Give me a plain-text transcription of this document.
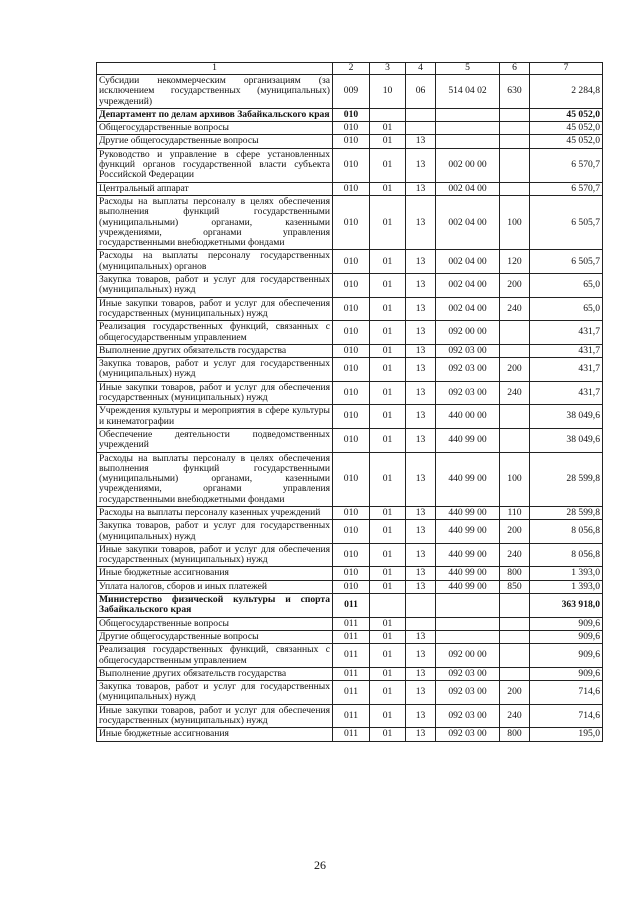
1	2	3	4	5	6	7
Субсидии некоммерческим организациям (за исключением государственных (муниципальных) учреждений)	009	10	06	514 04 02	630	2 284,8
Департамент по делам архивов Забайкальского края	010					45 052,0
Общегосударственные вопросы	010	01				45 052,0
Другие общегосударственные вопросы	010	01	13			45 052,0
Руководство и управление в сфере установленных функций органов государственной власти субъекта Российской Федерации	010	01	13	002 00 00		6 570,7
Центральный аппарат	010	01	13	002 04 00		6 570,7
Расходы на выплаты персоналу в целях обеспечения выполнения функций государственными (муниципальными) органами, казенными учреждениями, органами управления государственными внебюджетными фондами	010	01	13	002 04 00	100	6 505,7
Расходы на выплаты персоналу государственных (муниципальных) органов	010	01	13	002 04 00	120	6 505,7
Закупка товаров, работ и услуг для государственных (муниципальных) нужд	010	01	13	002 04 00	200	65,0
Иные закупки товаров, работ и услуг для обеспечения государственных (муниципальных) нужд	010	01	13	002 04 00	240	65,0
Реализация государственных функций, связанных с общегосударственным управлением	010	01	13	092 00 00		431,7
Выполнение других обязательств государства	010	01	13	092 03 00		431,7
Закупка товаров, работ и услуг для государственных (муниципальных) нужд	010	01	13	092 03 00	200	431,7
Иные закупки товаров, работ и услуг для обеспечения государственных (муниципальных) нужд	010	01	13	092 03 00	240	431,7
Учреждения культуры и мероприятия в сфере культуры и кинематографии	010	01	13	440 00 00		38 049,6
Обеспечение деятельности подведомственных учреждений	010	01	13	440 99 00		38 049,6
Расходы на выплаты персоналу в целях обеспечения выполнения функций государственными (муниципальными) органами, казенными учреждениями, органами управления государственными внебюджетными фондами	010	01	13	440 99 00	100	28 599,8
Расходы на выплаты персоналу казенных учреждений	010	01	13	440 99 00	110	28 599,8
Закупка товаров, работ и услуг для государственных (муниципальных) нужд	010	01	13	440 99 00	200	8 056,8
Иные закупки товаров, работ и услуг для обеспечения государственных (муниципальных) нужд	010	01	13	440 99 00	240	8 056,8
Иные бюджетные ассигнования	010	01	13	440 99 00	800	1 393,0
Уплата налогов, сборов и иных платежей	010	01	13	440 99 00	850	1 393,0
Министерство физической культуры и спорта Забайкальского края	011					363 918,0
Общегосударственные вопросы	011	01				909,6
Другие общегосударственные вопросы	011	01	13			909,6
Реализация государственных функций, связанных с общегосударственным управлением	011	01	13	092 00 00		909,6
Выполнение других обязательств государства	011	01	13	092 03 00		909,6
Закупка товаров, работ и услуг для государственных (муниципальных) нужд	011	01	13	092 03 00	200	714,6
Иные закупки товаров, работ и услуг для обеспечения государственных (муниципальных) нужд	011	01	13	092 03 00	240	714,6
Иные бюджетные ассигнования	011	01	13	092 03 00	800	195,0
26
